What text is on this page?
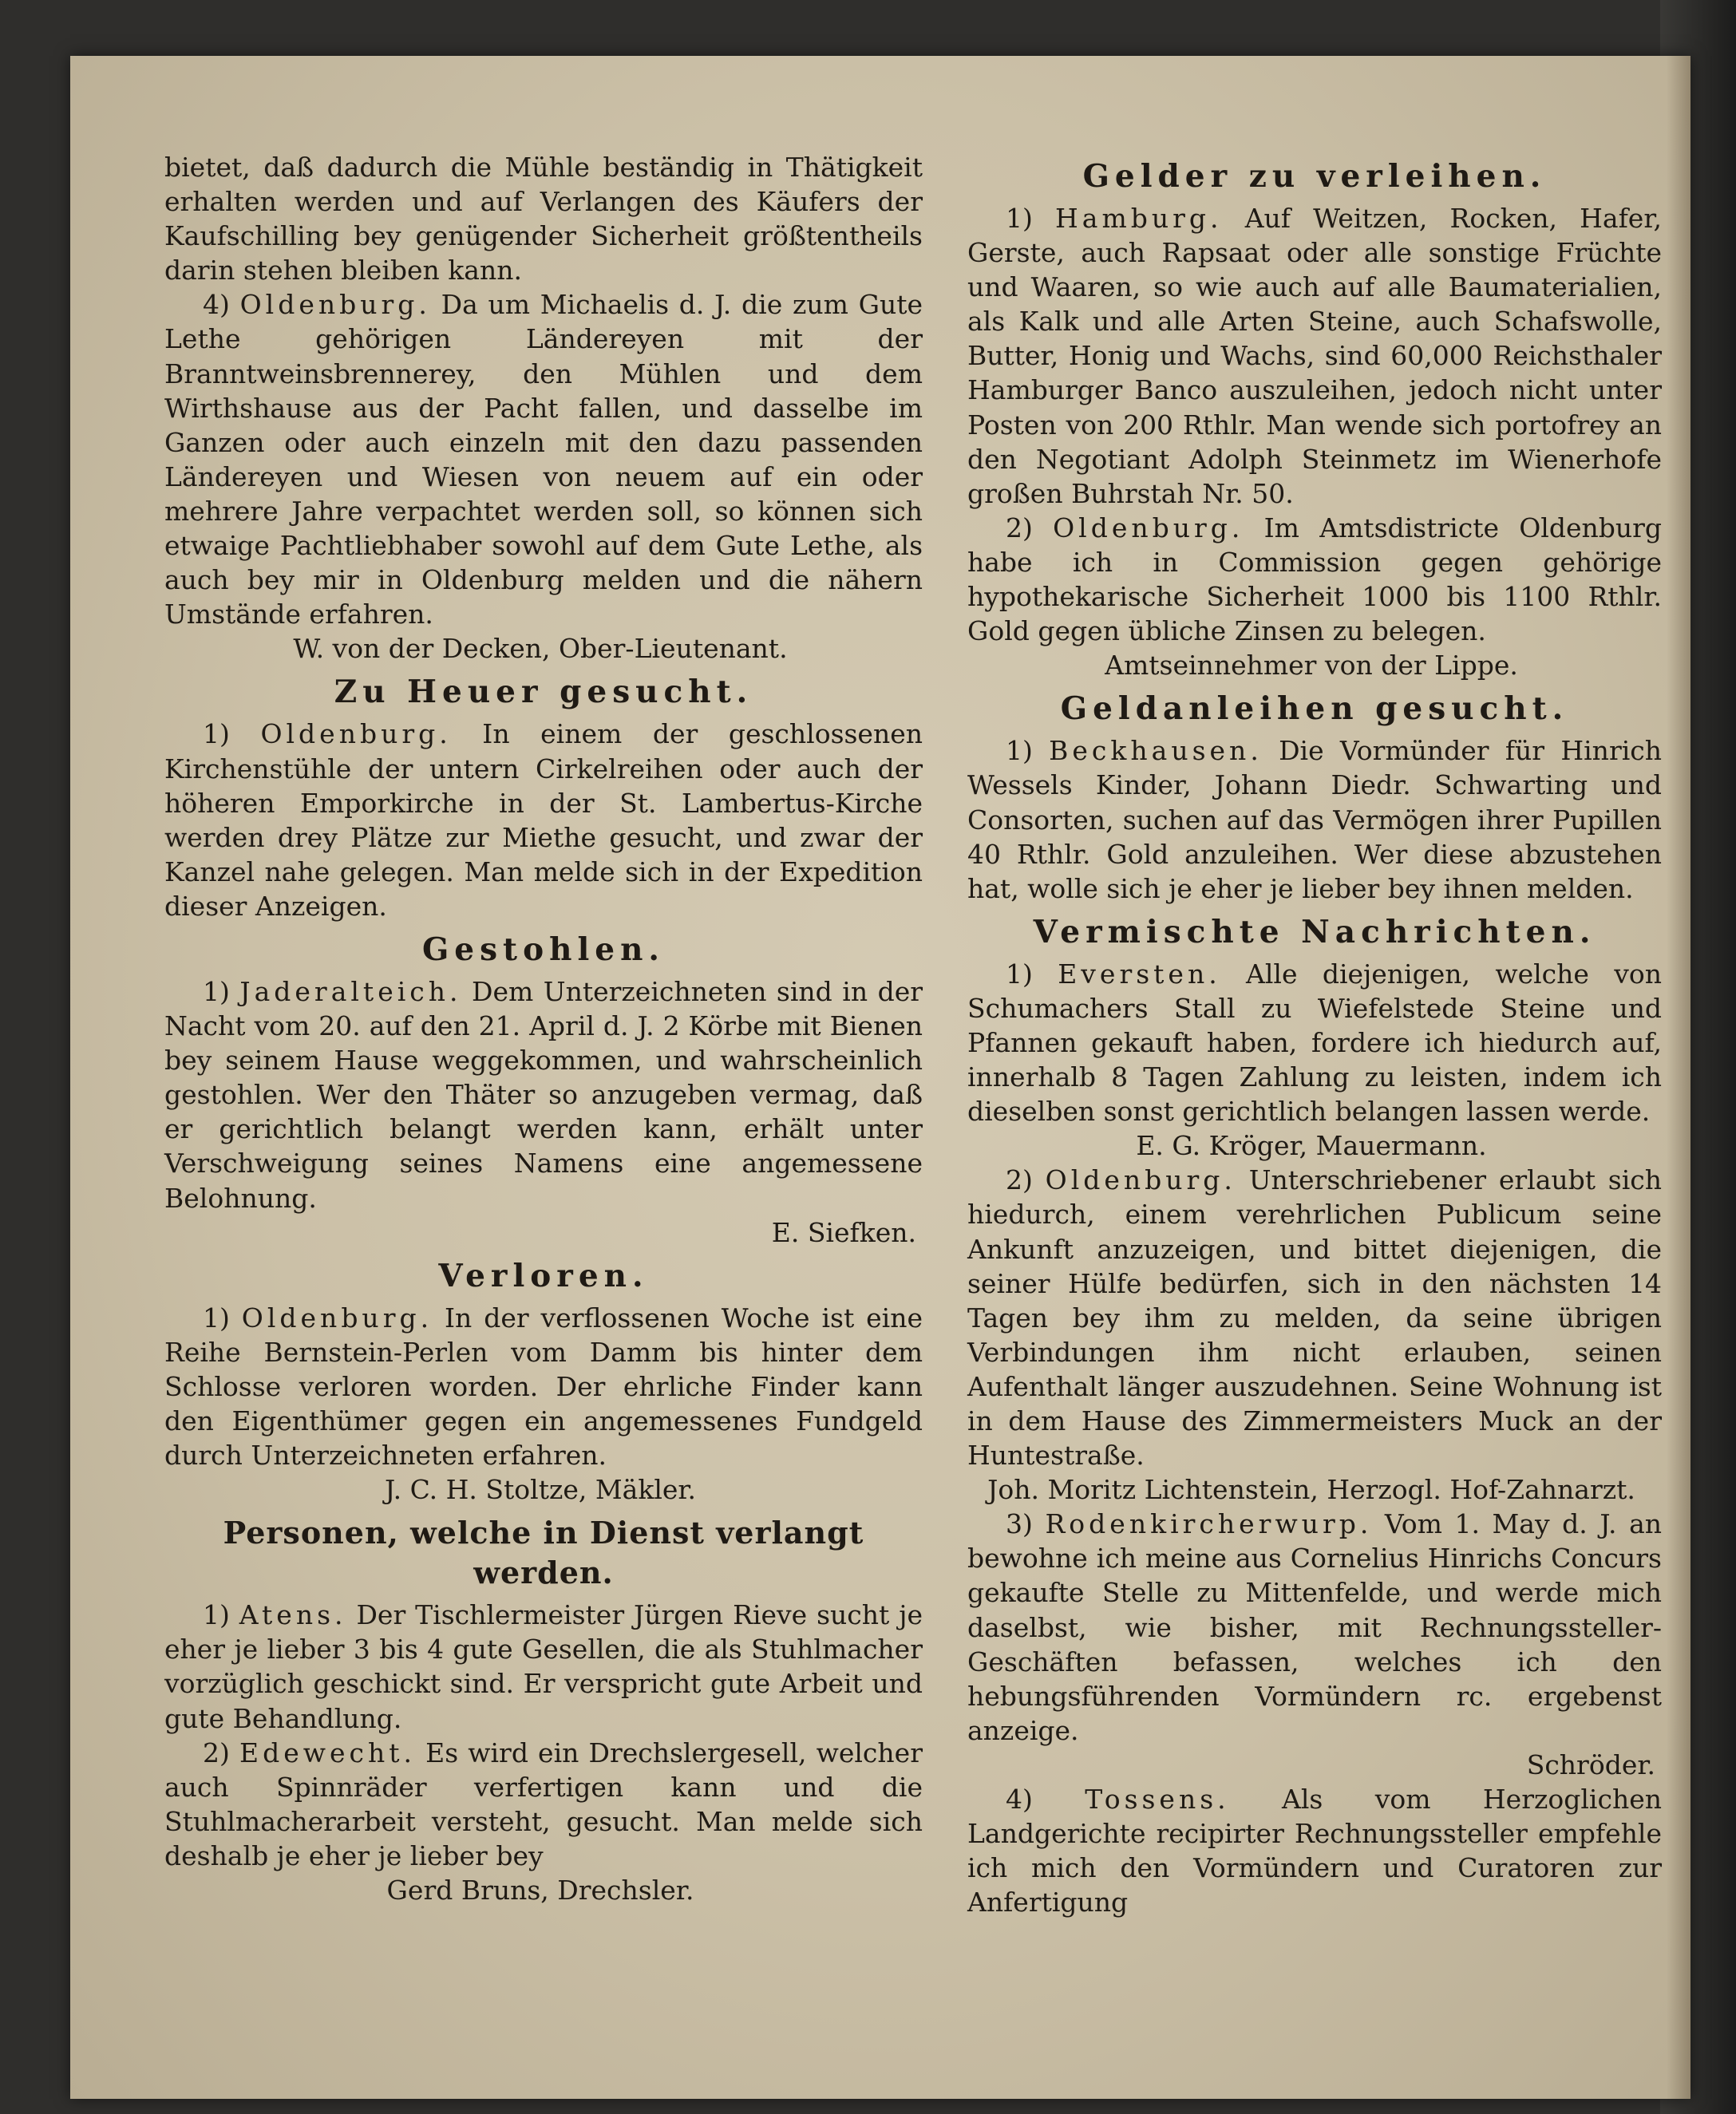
bietet, daß dadurch die Mühle beständig in Thätigkeit erhalten werden und auf Verlangen des Käufers der Kaufschilling bey genügender Sicherheit größtentheils darin stehen bleiben kann.

4) Oldenburg. Da um Michaelis d. J. die zum Gute Lethe gehörigen Ländereyen mit der Branntweinsbrennerey, den Mühlen und dem Wirthshause aus der Pacht fallen, und dasselbe im Ganzen oder auch einzeln mit den dazu passenden Ländereyen und Wiesen von neuem auf ein oder mehrere Jahre verpachtet werden soll, so können sich etwaige Pachtliebhaber sowohl auf dem Gute Lethe, als auch bey mir in Oldenburg melden und die nähern Umstände erfahren.

W. von der Decken, Ober-Lieutenant.

Zu Heuer gesucht.

1) Oldenburg. In einem der geschlossenen Kirchenstühle der untern Cirkelreihen oder auch der höheren Emporkirche in der St. Lambertus-Kirche werden drey Plätze zur Miethe gesucht, und zwar der Kanzel nahe gelegen. Man melde sich in der Expedition dieser Anzeigen.

Gestohlen.

1) Jaderalteich. Dem Unterzeichneten sind in der Nacht vom 20. auf den 21. April d. J. 2 Körbe mit Bienen bey seinem Hause weggekommen, und wahrscheinlich gestohlen. Wer den Thäter so anzugeben vermag, daß er gerichtlich belangt werden kann, erhält unter Verschweigung seines Namens eine angemessene Belohnung.

E. Siefken.

Verloren.

1) Oldenburg. In der verflossenen Woche ist eine Reihe Bernstein-Perlen vom Damm bis hinter dem Schlosse verloren worden. Der ehrliche Finder kann den Eigenthümer gegen ein angemessenes Fundgeld durch Unterzeichneten erfahren.

J. C. H. Stoltze, Mäkler.

Personen, welche in Dienst verlangt werden.

1) Atens. Der Tischlermeister Jürgen Rieve sucht je eher je lieber 3 bis 4 gute Gesellen, die als Stuhlmacher vorzüglich geschickt sind. Er verspricht gute Arbeit und gute Behandlung.

2) Edewecht. Es wird ein Drechslergesell, welcher auch Spinnräder verfertigen kann und die Stuhlmacherarbeit versteht, gesucht. Man melde sich deshalb je eher je lieber bey

Gerd Bruns, Drechsler.

Gelder zu verleihen.

1) Hamburg. Auf Weitzen, Rocken, Hafer, Gerste, auch Rapsaat oder alle sonstige Früchte und Waaren, so wie auch auf alle Baumaterialien, als Kalk und alle Arten Steine, auch Schafswolle, Butter, Honig und Wachs, sind 60,000 Reichsthaler Hamburger Banco auszuleihen, jedoch nicht unter Posten von 200 Rthlr. Man wende sich portofrey an den Negotiant Adolph Steinmetz im Wienerhofe großen Buhrstah Nr. 50.

2) Oldenburg. Im Amtsdistricte Oldenburg habe ich in Commission gegen gehörige hypothekarische Sicherheit 1000 bis 1100 Rthlr. Gold gegen übliche Zinsen zu belegen.

Amtseinnehmer von der Lippe.

Geldanleihen gesucht.

1) Beckhausen. Die Vormünder für Hinrich Wessels Kinder, Johann Diedr. Schwarting und Consorten, suchen auf das Vermögen ihrer Pupillen 40 Rthlr. Gold anzuleihen. Wer diese abzustehen hat, wolle sich je eher je lieber bey ihnen melden.

Vermischte Nachrichten.

1) Eversten. Alle diejenigen, welche von Schumachers Stall zu Wiefelstede Steine und Pfannen gekauft haben, fordere ich hiedurch auf, innerhalb 8 Tagen Zahlung zu leisten, indem ich dieselben sonst gerichtlich belangen lassen werde.

E. G. Kröger, Mauermann.

2) Oldenburg. Unterschriebener erlaubt sich hiedurch, einem verehrlichen Publicum seine Ankunft anzuzeigen, und bittet diejenigen, die seiner Hülfe bedürfen, sich in den nächsten 14 Tagen bey ihm zu melden, da seine übrigen Verbindungen ihm nicht erlauben, seinen Aufenthalt länger auszudehnen. Seine Wohnung ist in dem Hause des Zimmermeisters Muck an der Huntestraße.

Joh. Moritz Lichtenstein, Herzogl. Hof-Zahnarzt.

3) Rodenkircherwurp. Vom 1. May d. J. an bewohne ich meine aus Cornelius Hinrichs Concurs gekaufte Stelle zu Mittenfelde, und werde mich daselbst, wie bisher, mit Rechnungssteller-Geschäften befassen, welches ich den hebungsführenden Vormündern rc. ergebenst anzeige.

Schröder.

4) Tossens. Als vom Herzoglichen Landgerichte recipirter Rechnungssteller empfehle ich mich den Vormündern und Curatoren zur Anfertigung
